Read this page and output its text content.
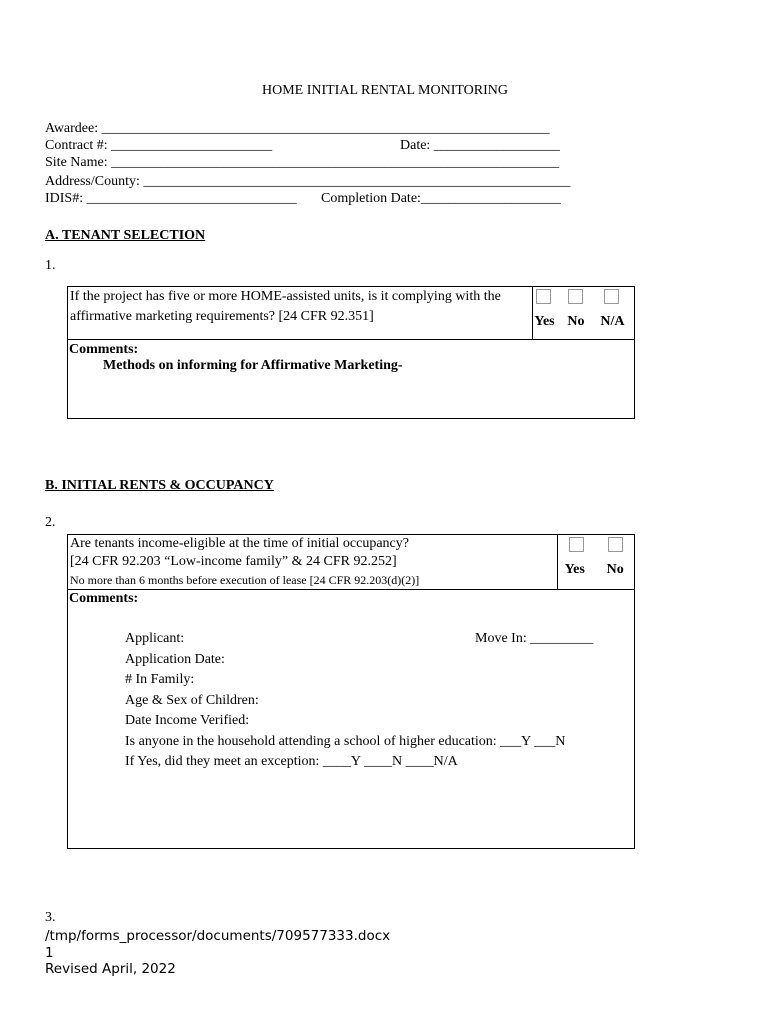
HOME INITIAL RENTAL MONITORING
Awardee: ________________________________________________________________
Contract #: _______________________	Date: __________________
Site Name: ________________________________________________________________
Address/County: _____________________________________________________________
IDIS#: ______________________________ Completion Date:____________________
A. TENANT SELECTION
1.
If the project has five or more HOME-assisted units, is it complying with the affirmative marketing requirements? [24 CFR 92.351]	Yes No N/A

Comments:
Methods on informing for Affirmative Marketing-
B. INITIAL RENTS & OCCUPANCY
2.
Are tenants income-eligible at the time of initial occupancy?
[24 CFR 92.203 “Low-income family” & 24 CFR 92.252]
No more than 6 months before execution of lease [24 CFR 92.203(d)(2)]

Yes No

Comments:
Applicant:	Move In: _________
Application Date:
# In Family:
Age & Sex of Children:
Date Income Verified:
Is anyone in the household attending a school of higher education: ___Y ___N
If Yes, did they meet an exception: ____Y ____N ____N/A
3.
/tmp/forms_processor/documents/709577333.docx
1
Revised April, 2022
